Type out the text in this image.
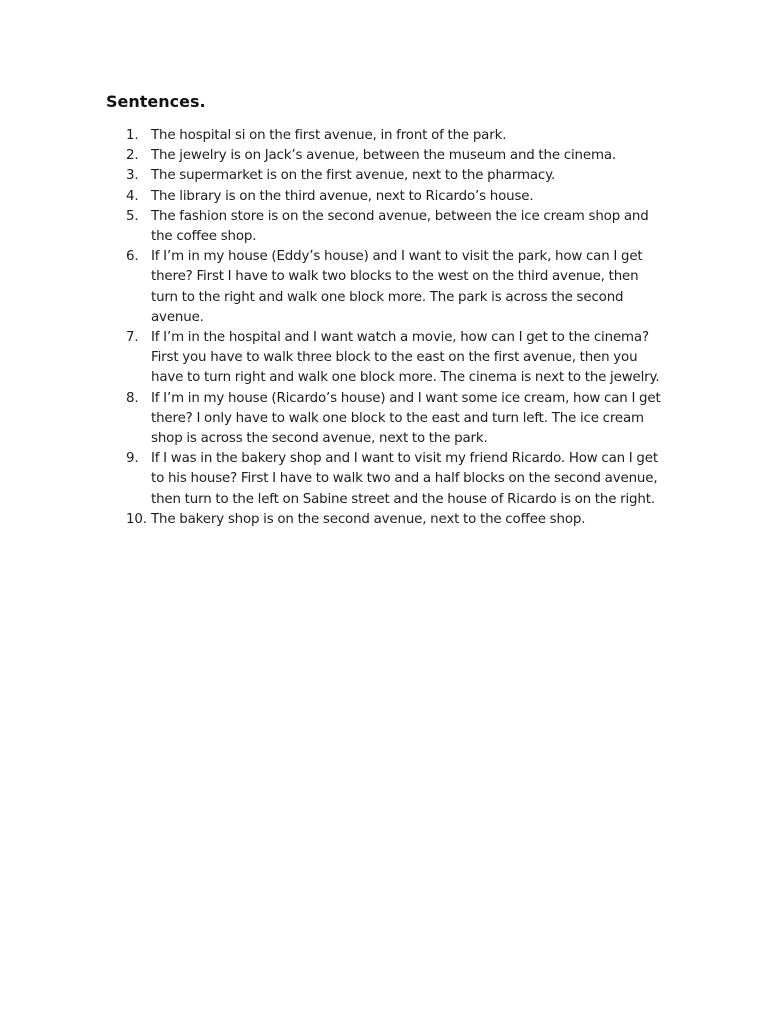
Sentences.
1. The hospital si on the first avenue, in front of the park.
2. The jewelry is on Jack’s avenue, between the museum and the cinema.
3. The supermarket is on the first avenue, next to the pharmacy.
4. The library is on the third avenue, next to Ricardo’s house.
5. The fashion store is on the second avenue, between the ice cream shop and the coffee shop.
6. If I’m in my house (Eddy’s house) and I want to visit the park, how can I get there? First I have to walk two blocks to the west on the third avenue, then turn to the right and walk one block more. The park is across the second avenue.
7. If I’m in the hospital and I want watch a movie, how can I get to the cinema? First you have to walk three block to the east on the first avenue, then you have to turn right and walk one block more. The cinema is next to the jewelry.
8. If I’m in my house (Ricardo’s house) and I want some ice cream, how can I get there? I only have to walk one block to the east and turn left. The ice cream shop is across the second avenue, next to the park.
9. If I was in the bakery shop and I want to visit my friend Ricardo. How can I get to his house? First I have to walk two and a half blocks on the second avenue, then turn to the left on Sabine street and the house of Ricardo is on the right.
10. The bakery shop is on the second avenue, next to the coffee shop.
